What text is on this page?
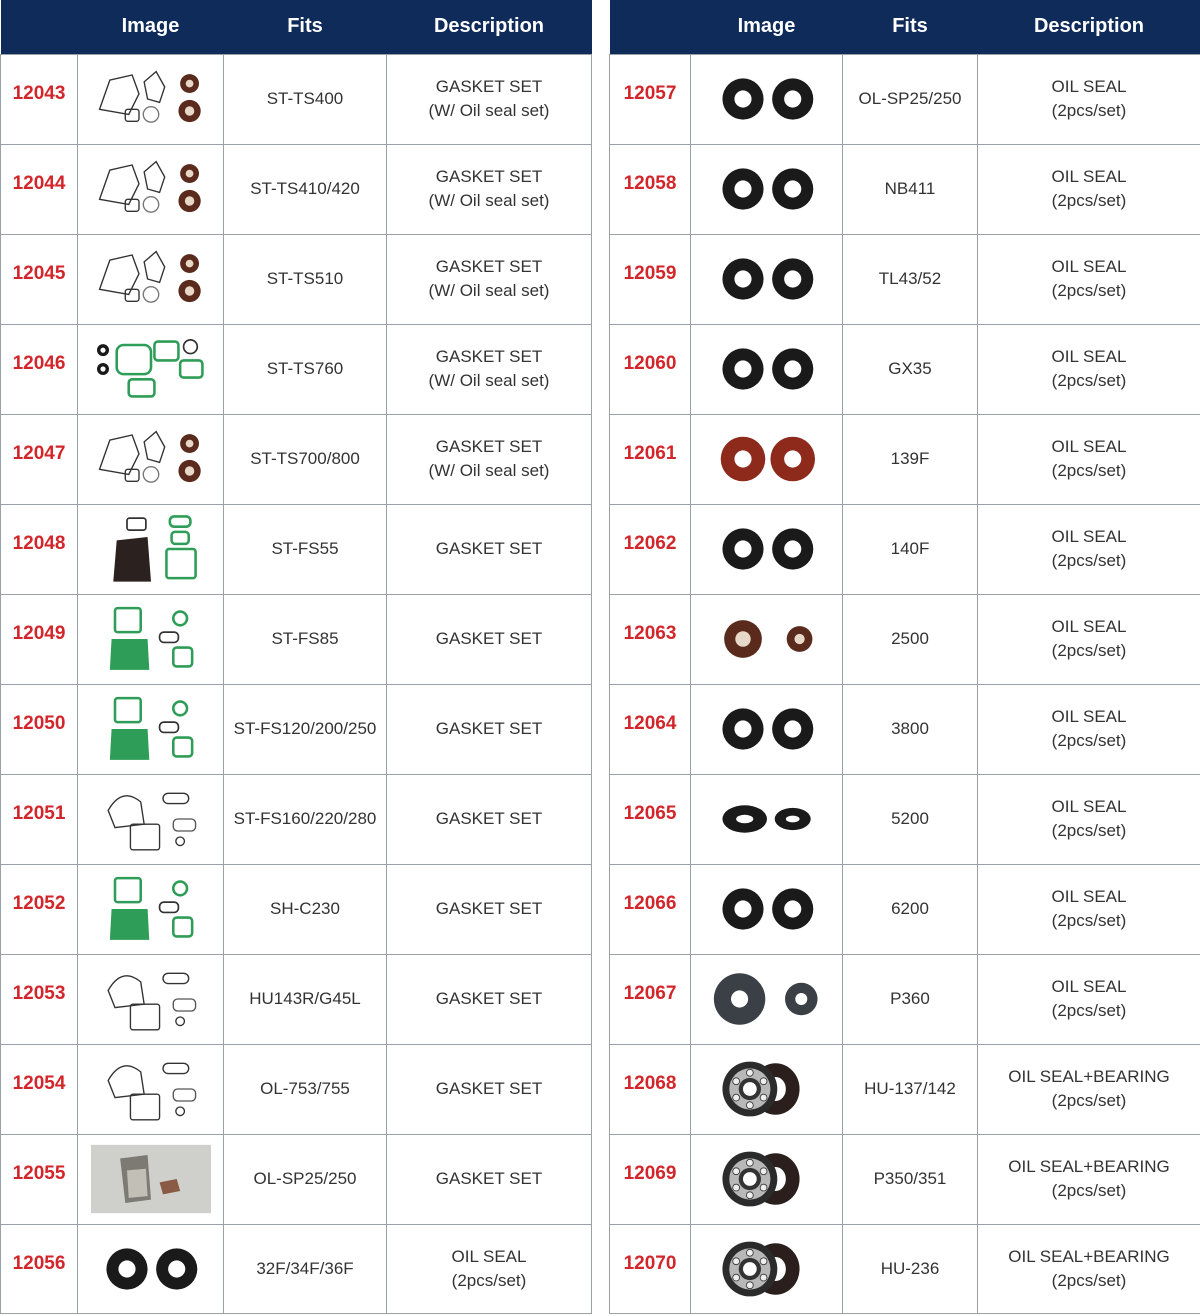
	Image	Fits	Description
12043		ST-TS400	GASKET SET
(W/ Oil seal set)

12044		ST-TS410/420	GASKET SET
(W/ Oil seal set)

12045		ST-TS510	GASKET SET
(W/ Oil seal set)

12046		ST-TS760	GASKET SET
(W/ Oil seal set)

12047		ST-TS700/800	GASKET SET
(W/ Oil seal set)

12048		ST-FS55	GASKET SET

12049		ST-FS85	GASKET SET

12050		ST-FS120/200/250	GASKET SET

12051		ST-FS160/220/280	GASKET SET

12052		SH-C230	GASKET SET

12053		HU143R/G45L	GASKET SET

12054		OL-753/755	GASKET SET

12055		OL-SP25/250	GASKET SET

12056		32F/34F/36F	OIL SEAL
(2pcs/set)
	Image	Fits	Description
12057		OL-SP25/250	OIL SEAL
(2pcs/set)

12058		NB411	OIL SEAL
(2pcs/set)

12059		TL43/52	OIL SEAL
(2pcs/set)

12060		GX35	OIL SEAL
(2pcs/set)

12061		139F	OIL SEAL
(2pcs/set)

12062		140F	OIL SEAL
(2pcs/set)

12063		2500	OIL SEAL
(2pcs/set)

12064		3800	OIL SEAL
(2pcs/set)

12065		5200	OIL SEAL
(2pcs/set)

12066		6200	OIL SEAL
(2pcs/set)

12067		P360	OIL SEAL
(2pcs/set)

12068		HU-137/142	OIL SEAL+BEARING
(2pcs/set)

12069		P350/351	OIL SEAL+BEARING
(2pcs/set)

12070		HU-236	OIL SEAL+BEARING
(2pcs/set)
